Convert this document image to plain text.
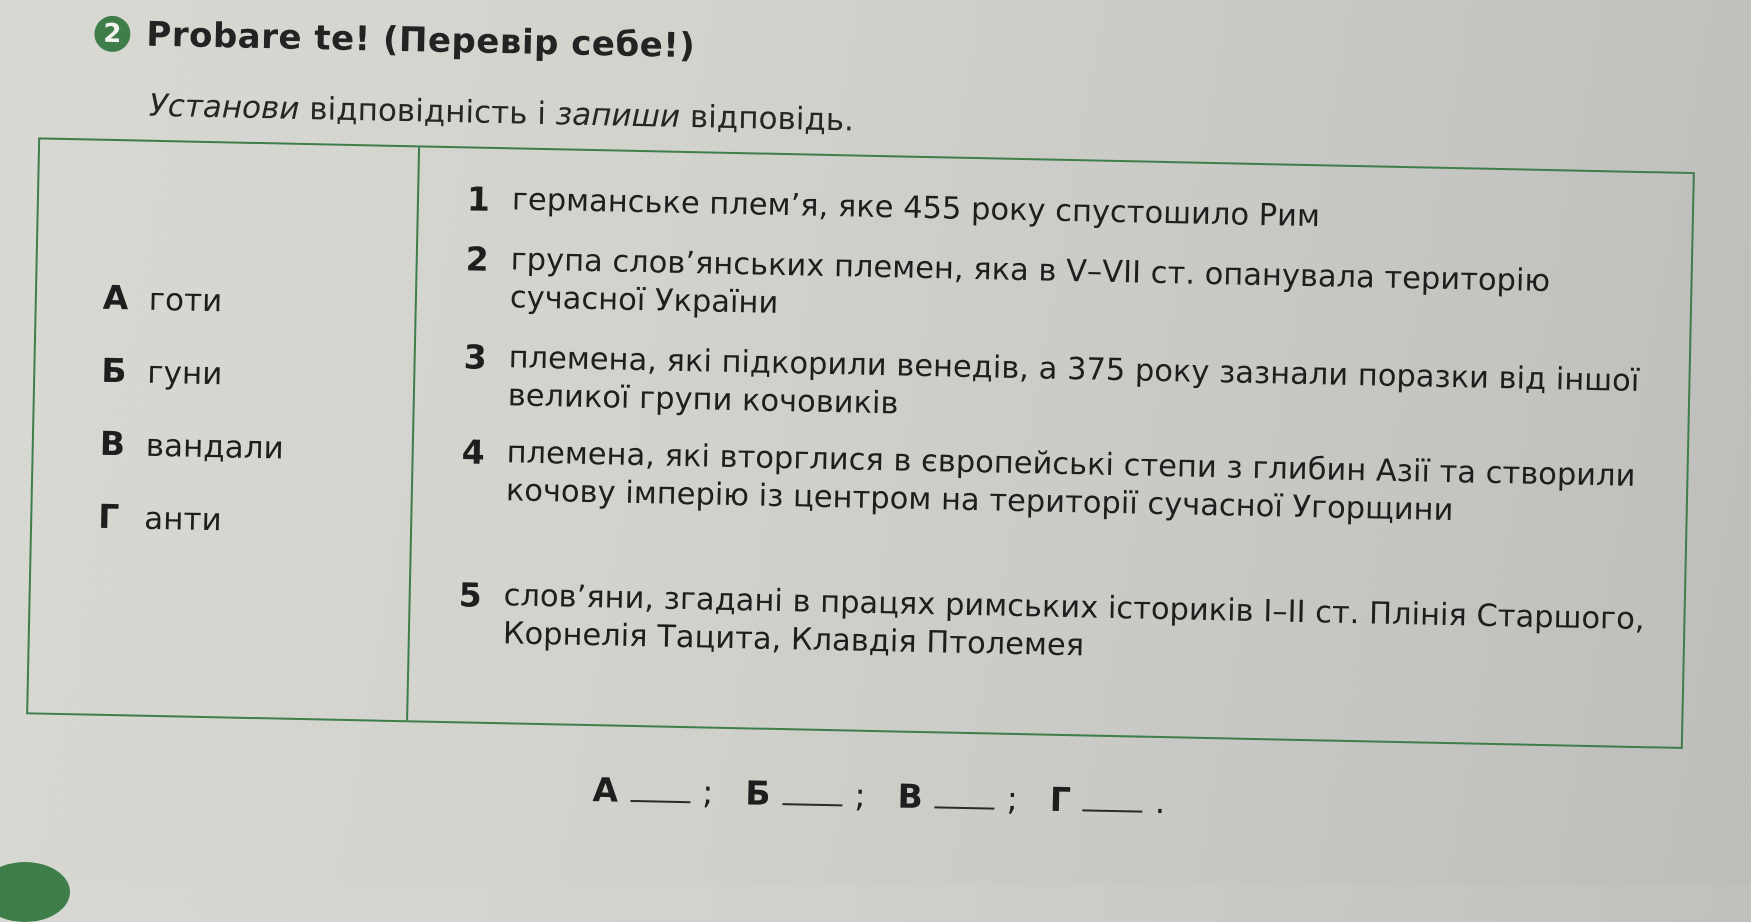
2 Probare te! (Перевір себе!)
Установи відповідність і запиши відповідь.
А готи
Б гуни
В вандали
Г анти
1 германське плем’я, яке 455 року спустошило Рим
2 група слов’янських племен, яка в V–VII ст. опанувала територію сучасної України
3 племена, які підкорили венедів, а 375 року зазнали поразки від іншої великої групи кочовиків
4 племена, які вторглися в європейські степи з глибин Азії та створили кочову імперію із центром на території сучасної Угорщини
5 слов’яни, згадані в працях римських істориків I–II ст. Плінія Старшого, Корнелія Тацита, Клавдія Птолемея
А	; Б	; В	; Г	.
